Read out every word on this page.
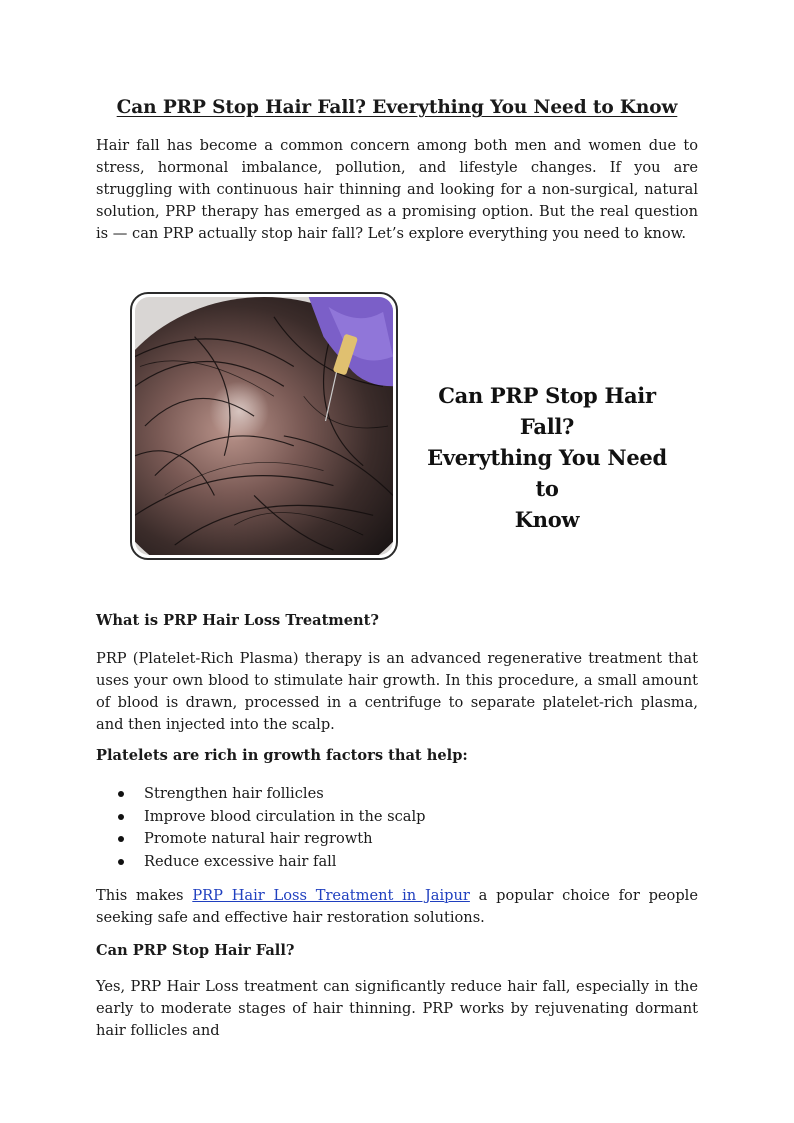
Can PRP Stop Hair Fall? Everything You Need to Know

Hair fall has become a common concern among both men and women due to stress, hormonal imbalance, pollution, and lifestyle changes. If you are struggling with continuous hair thinning and looking for a non-surgical, natural solution, PRP therapy has emerged as a promising option. But the real question is — can PRP actually stop hair fall? Let’s explore everything you need to know.

Can PRP Stop Hair Fall?
Everything You Need to
Know
What is PRP Hair Loss Treatment?

PRP (Platelet-Rich Plasma) therapy is an advanced regenerative treatment that uses your own blood to stimulate hair growth. In this procedure, a small amount of blood is drawn, processed in a centrifuge to separate platelet-rich plasma, and then injected into the scalp.

Platelets are rich in growth factors that help:
Strengthen hair follicles
Improve blood circulation in the scalp
Promote natural hair regrowth
Reduce excessive hair fall

This makes PRP Hair Loss Treatment in Jaipur a popular choice for people seeking safe and effective hair restoration solutions.

Can PRP Stop Hair Fall?

Yes, PRP Hair Loss treatment can significantly reduce hair fall, especially in the early to moderate stages of hair thinning. PRP works by rejuvenating dormant hair follicles and
